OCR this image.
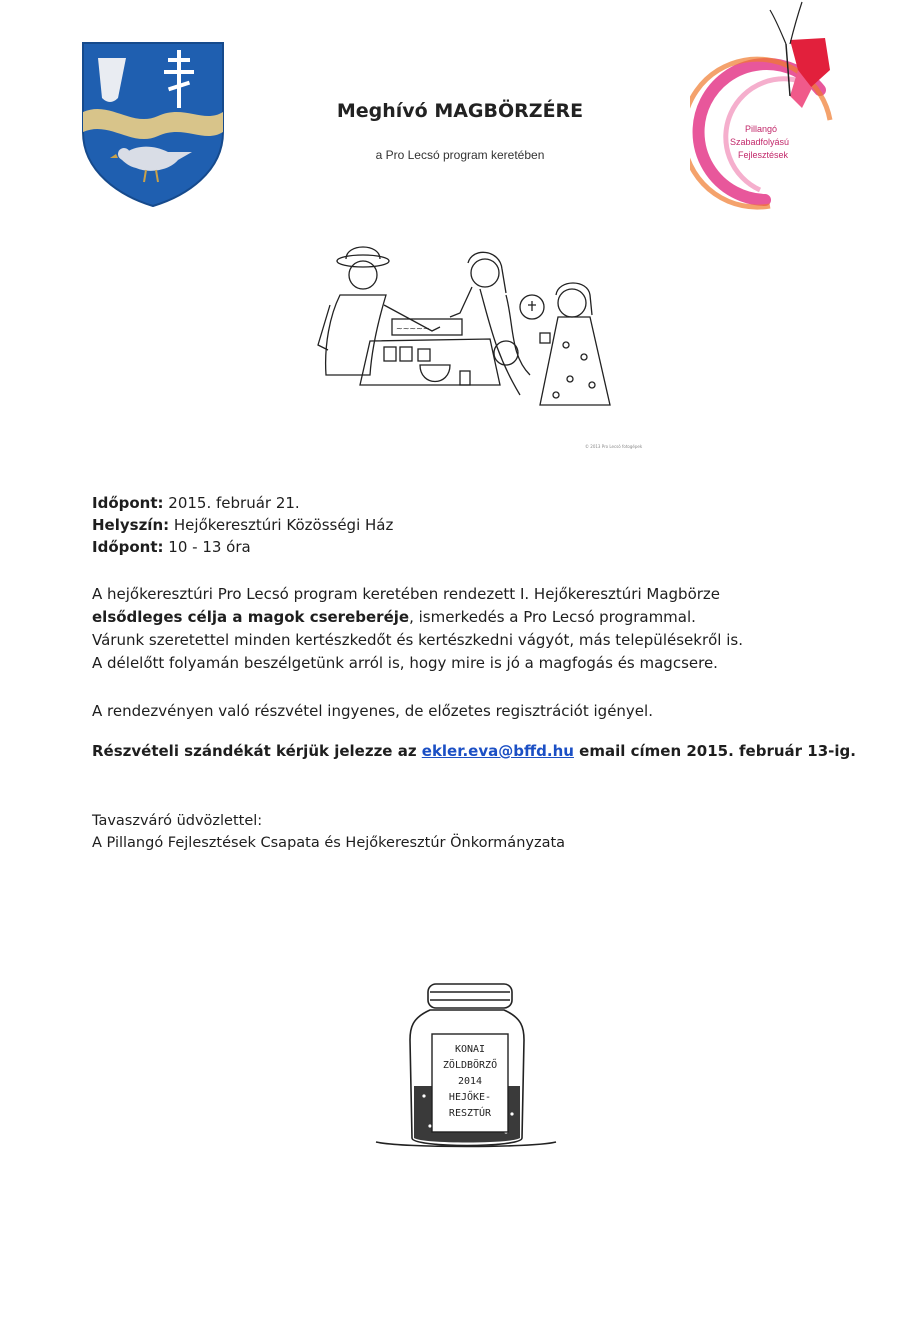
Pillangó
Szabadfolyású
Fejlesztések
Meghívó MAGBÖRZÉRE
a Pro Lecsó program keretében
~~~~~
© 2013 Pro Lecsó fotogépek
Időpont: 2015. február 21.
Helyszín: Hejőkeresztúri Közösségi Ház
Időpont: 10 - 13 óra
A hejőkeresztúri Pro Lecsó program keretében rendezett I. Hejőkeresztúri Magbörze
elsődleges célja a magok csereberéje, ismerkedés a Pro Lecsó programmal.
Várunk szeretettel minden kertészkedőt és kertészkedni vágyót, más településekről is.
A délelőtt folyamán beszélgetünk arról is, hogy mire is jó a magfogás és magcsere.
A rendezvényen való részvétel ingyenes, de előzetes regisztrációt igényel.
Részvételi szándékát kérjük jelezze az ekler.eva@bffd.hu email címen 2015. február 13-ig.
Tavaszváró üdvözlettel:
A Pillangó Fejlesztések Csapata és Hejőkeresztúr Önkormányzata
KONAI
ZÖLDBÖRZŐ
2014
HEJŐKE-
RESZTÚR
